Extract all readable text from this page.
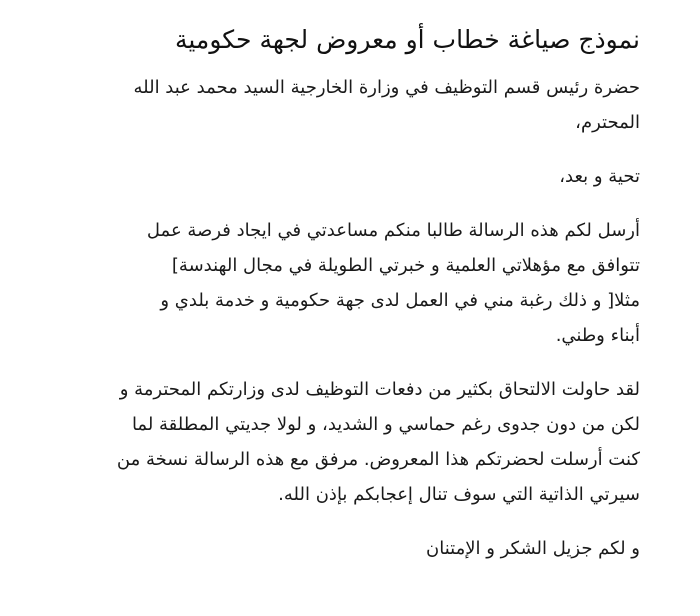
نموذج صياغة خطاب أو معروض لجهة حكومية

حضرة رئيس قسم التوظيف في وزارة الخارجية السيد محمد عبد الله
المحترم،

تحية و بعد،

أرسل لكم هذه الرسالة طالبا منكم مساعدتي في ايجاد فرصة عمل
تتوافق مع مؤهلاتي العلمية و خبرتي الطويلة في مجال الهندسة]
مثلا[ و ذلك رغبة مني في العمل لدى جهة حكومية و خدمة بلدي و
أبناء وطني.

لقد حاولت الالتحاق بكثير من دفعات التوظيف لدى وزارتكم المحترمة و
لكن من دون جدوى رغم حماسي و الشديد، و لولا جديتي المطلقة لما
كنت أرسلت لحضرتكم هذا المعروض. مرفق مع هذه الرسالة نسخة من
سيرتي الذاتية التي سوف تنال إعجابكم بإذن الله.

و لكم جزيل الشكر و الإمتنان
